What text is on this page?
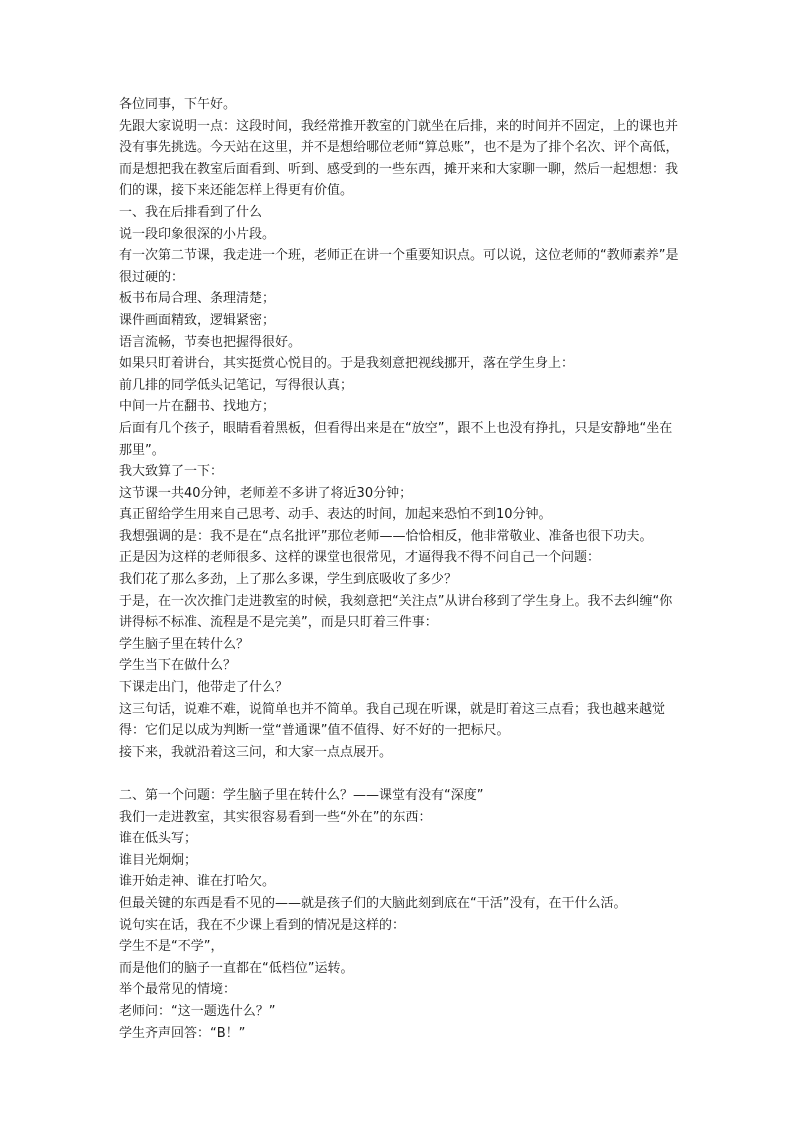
各位同事，下午好。

先跟大家说明一点：这段时间，我经常推开教室的门就坐在后排，来的时间并不固定，上的课也并没有事先挑选。今天站在这里，并不是想给哪位老师“算总账”，也不是为了排个名次、评个高低，而是想把我在教室后面看到、听到、感受到的一些东西，摊开来和大家聊一聊，然后一起想想：我们的课，接下来还能怎样上得更有价值。

一、我在后排看到了什么

说一段印象很深的小片段。

有一次第二节课，我走进一个班，老师正在讲一个重要知识点。可以说，这位老师的“教师素养”是很过硬的：

板书布局合理、条理清楚；

课件画面精致，逻辑紧密；

语言流畅，节奏也把握得很好。

如果只盯着讲台，其实挺赏心悦目的。于是我刻意把视线挪开，落在学生身上：

前几排的同学低头记笔记，写得很认真；

中间一片在翻书、找地方；

后面有几个孩子，眼睛看着黑板，但看得出来是在“放空”，跟不上也没有挣扎，只是安静地“坐在那里”。

我大致算了一下：

这节课一共40分钟，老师差不多讲了将近30分钟；

真正留给学生用来自己思考、动手、表达的时间，加起来恐怕不到10分钟。

我想强调的是：我不是在“点名批评”那位老师——恰恰相反，他非常敬业、准备也很下功夫。

正是因为这样的老师很多、这样的课堂也很常见，才逼得我不得不问自己一个问题：

我们花了那么多劲，上了那么多课，学生到底吸收了多少？

于是，在一次次推门走进教室的时候，我刻意把“关注点”从讲台移到了学生身上。我不去纠缠“你讲得标不标准、流程是不是完美”，而是只盯着三件事：

学生脑子里在转什么？

学生当下在做什么？

下课走出门，他带走了什么？

这三句话，说难不难，说简单也并不简单。我自己现在听课，就是盯着这三点看；我也越来越觉得：它们足以成为判断一堂“普通课”值不值得、好不好的一把标尺。

接下来，我就沿着这三问，和大家一点点展开。

二、第一个问题：学生脑子里在转什么？——课堂有没有“深度”

我们一走进教室，其实很容易看到一些“外在”的东西：

谁在低头写；

谁目光炯炯；

谁开始走神、谁在打哈欠。

但最关键的东西是看不见的——就是孩子们的大脑此刻到底在“干活”没有，在干什么活。

说句实在话，我在不少课上看到的情况是这样的：

学生不是“不学”，

而是他们的脑子一直都在“低档位”运转。

举个最常见的情境：

老师问：“这一题选什么？”

学生齐声回答：“B！”
